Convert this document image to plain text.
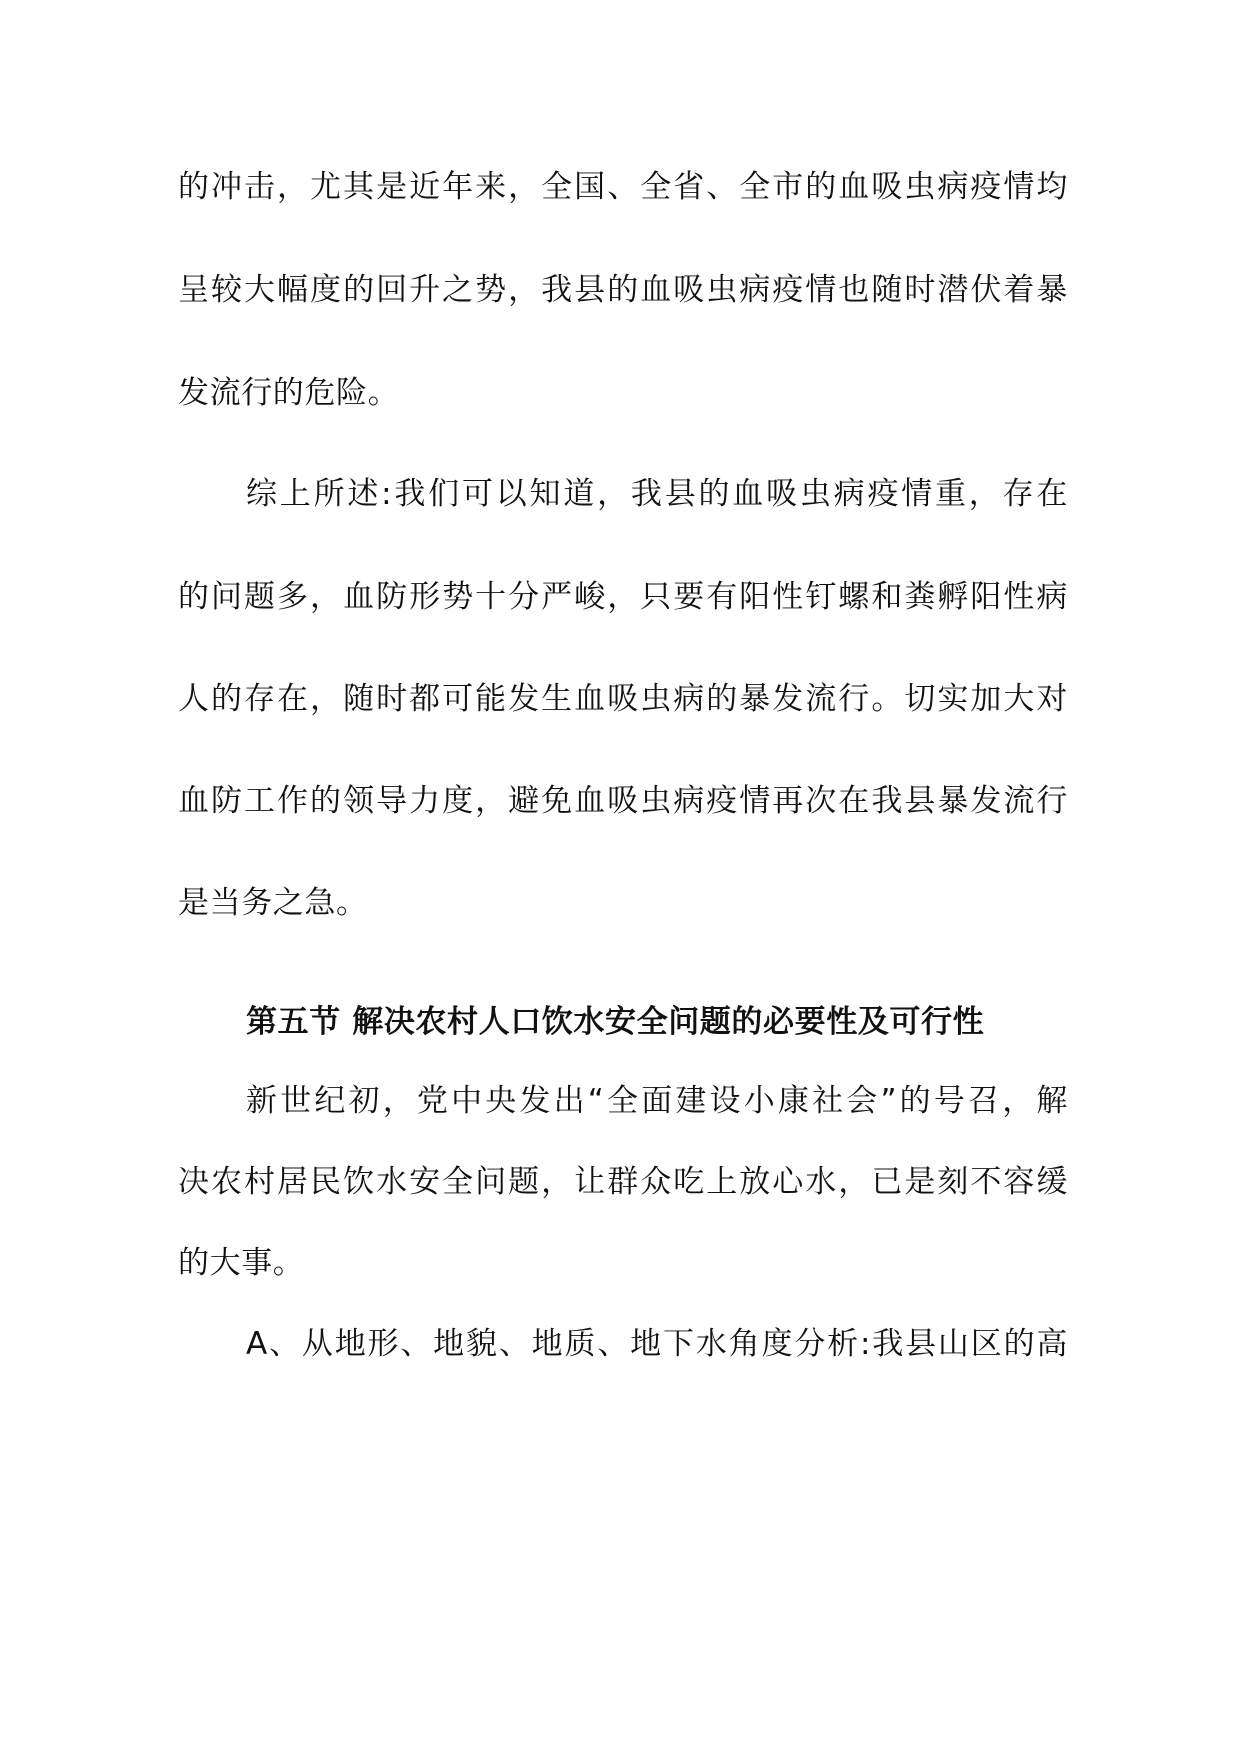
的冲击，尤其是近年来，全国、全省、全市的血吸虫病疫情均
呈较大幅度的回升之势，我县的血吸虫病疫情也随时潜伏着暴
发流行的危险。
综上所述:我们可以知道，我县的血吸虫病疫情重，存在
的问题多，血防形势十分严峻，只要有阳性钉螺和粪孵阳性病
人的存在，随时都可能发生血吸虫病的暴发流行。切实加大对
血防工作的领导力度，避免血吸虫病疫情再次在我县暴发流行
是当务之急。
第五节 解决农村人口饮水安全问题的必要性及可行性
新世纪初，党中央发出“全面建设小康社会”的号召，解
决农村居民饮水安全问题，让群众吃上放心水，已是刻不容缓
的大事。
A、从地形、地貌、地质、地下水角度分析:我县山区的高
